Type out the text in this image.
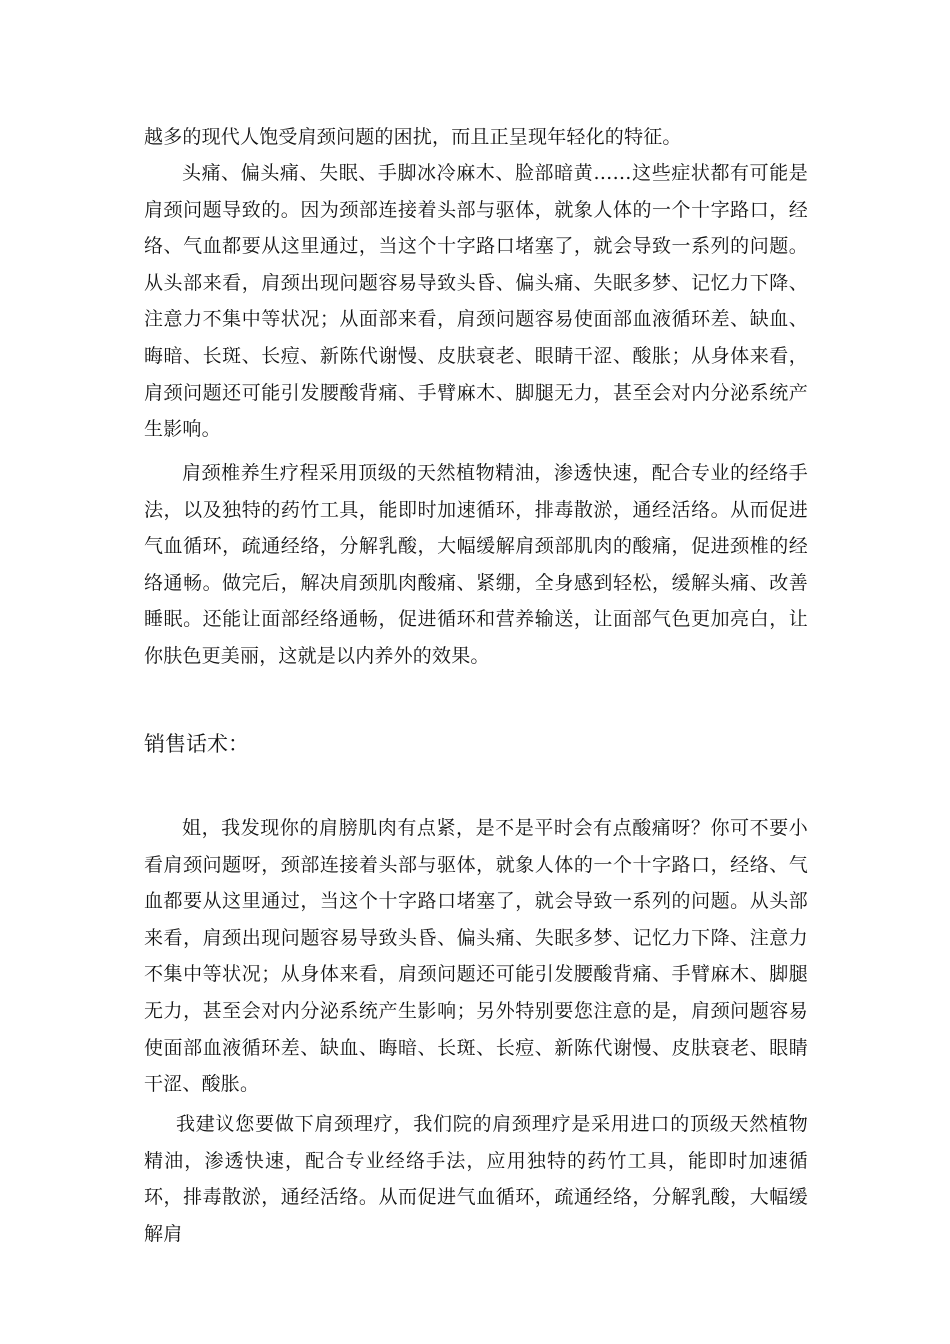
越多的现代人饱受肩颈问题的困扰，而且正呈现年轻化的特征。

头痛、偏头痛、失眠、手脚冰冷麻木、脸部暗黄……这些症状都有可能是肩颈问题导致的。因为颈部连接着头部与驱体，就象人体的一个十字路口，经络、气血都要从这里通过，当这个十字路口堵塞了，就会导致一系列的问题。从头部来看，肩颈出现问题容易导致头昏、偏头痛、失眠多梦、记忆力下降、注意力不集中等状况；从面部来看，肩颈问题容易使面部血液循环差、缺血、晦暗、长斑、长痘、新陈代谢慢、皮肤衰老、眼睛干涩、酸胀；从身体来看，肩颈问题还可能引发腰酸背痛、手臂麻木、脚腿无力，甚至会对内分泌系统产生影响。

肩颈椎养生疗程采用顶级的天然植物精油，渗透快速，配合专业的经络手法，以及独特的药竹工具，能即时加速循环，排毒散淤，通经活络。从而促进气血循环，疏通经络，分解乳酸，大幅缓解肩颈部肌肉的酸痛，促进颈椎的经络通畅。做完后，解决肩颈肌肉酸痛、紧绷，全身感到轻松，缓解头痛、改善睡眠。还能让面部经络通畅，促进循环和营养输送，让面部气色更加亮白，让你肤色更美丽，这就是以内养外的效果。

销售话术：

姐，我发现你的肩膀肌肉有点紧，是不是平时会有点酸痛呀？你可不要小看肩颈问题呀，颈部连接着头部与驱体，就象人体的一个十字路口，经络、气血都要从这里通过，当这个十字路口堵塞了，就会导致一系列的问题。从头部来看，肩颈出现问题容易导致头昏、偏头痛、失眠多梦、记忆力下降、注意力不集中等状况；从身体来看，肩颈问题还可能引发腰酸背痛、手臂麻木、脚腿无力，甚至会对内分泌系统产生影响；另外特别要您注意的是，肩颈问题容易使面部血液循环差、缺血、晦暗、长斑、长痘、新陈代谢慢、皮肤衰老、眼睛干涩、酸胀。

我建议您要做下肩颈理疗，我们院的肩颈理疗是采用进口的顶级天然植物精油，渗透快速，配合专业经络手法，应用独特的药竹工具，能即时加速循环，排毒散淤，通经活络。从而促进气血循环，疏通经络，分解乳酸，大幅缓解肩
